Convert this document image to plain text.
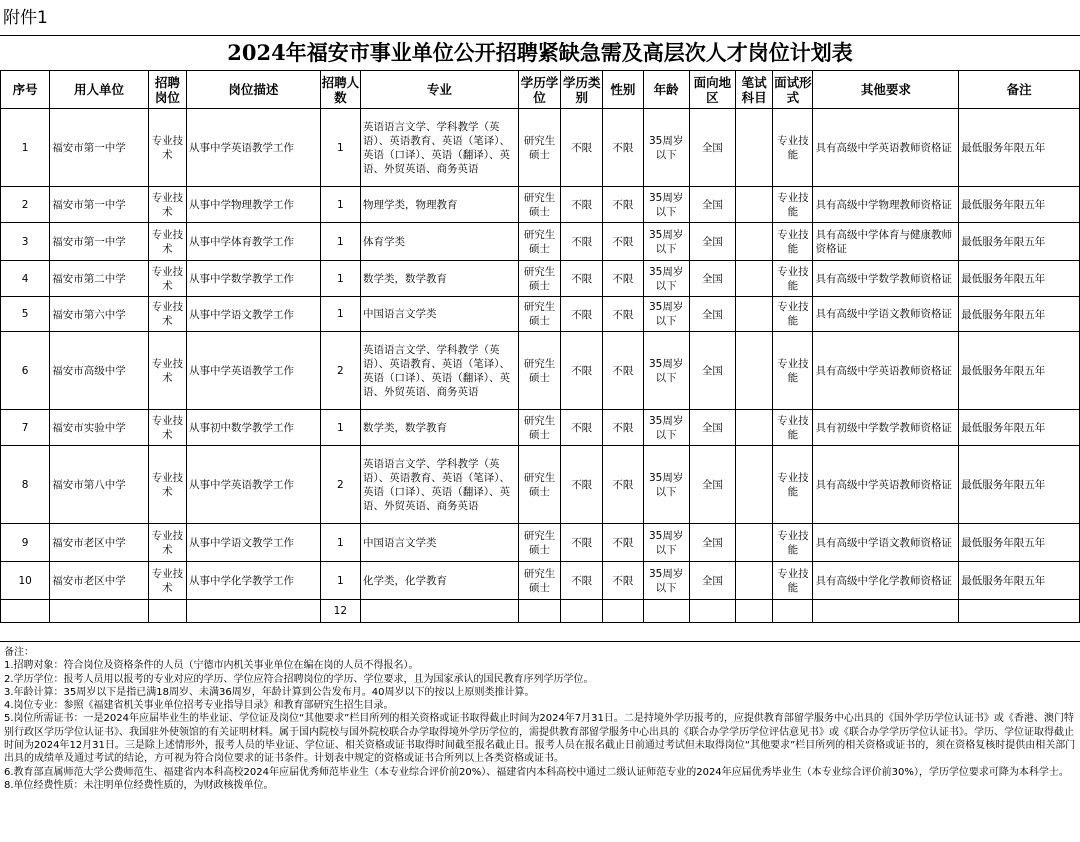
附件1
2024年福安市事业单位公开招聘紧缺急需及高层次人才岗位计划表
序号	用人单位	招聘岗位	岗位描述	招聘人数	专业	学历学位	学历类别	性别	年龄	面向地区	笔试科目	面试形式	其他要求	备注
1	福安市第一中学	专业技术	从事中学英语教学工作	1	英语语言文学、学科教学（英语）、英语教育、英语（笔译）、英语（口译）、英语（翻译）、英语、外贸英语、商务英语	研究生硕士	不限	不限	35周岁以下	全国		专业技能	具有高级中学英语教师资格证	最低服务年限五年
2	福安市第一中学	专业技术	从事中学物理教学工作	1	物理学类，物理教育	研究生硕士	不限	不限	35周岁以下	全国		专业技能	具有高级中学物理教师资格证	最低服务年限五年
3	福安市第一中学	专业技术	从事中学体育教学工作	1	体育学类	研究生硕士	不限	不限	35周岁以下	全国		专业技能	具有高级中学体育与健康教师资格证	最低服务年限五年
4	福安市第二中学	专业技术	从事中学数学教学工作	1	数学类，数学教育	研究生硕士	不限	不限	35周岁以下	全国		专业技能	具有高级中学数学教师资格证	最低服务年限五年
5	福安市第六中学	专业技术	从事中学语文教学工作	1	中国语言文学类	研究生硕士	不限	不限	35周岁以下	全国		专业技能	具有高级中学语文教师资格证	最低服务年限五年
6	福安市高级中学	专业技术	从事中学英语教学工作	2	英语语言文学、学科教学（英语）、英语教育、英语（笔译）、英语（口译）、英语（翻译）、英语、外贸英语、商务英语	研究生硕士	不限	不限	35周岁以下	全国		专业技能	具有高级中学英语教师资格证	最低服务年限五年
7	福安市实验中学	专业技术	从事初中数学教学工作	1	数学类，数学教育	研究生硕士	不限	不限	35周岁以下	全国		专业技能	具有初级中学数学教师资格证	最低服务年限五年
8	福安市第八中学	专业技术	从事中学英语教学工作	2	英语语言文学、学科教学（英语）、英语教育、英语（笔译）、英语（口译）、英语（翻译）、英语、外贸英语、商务英语	研究生硕士	不限	不限	35周岁以下	全国		专业技能	具有高级中学英语教师资格证	最低服务年限五年
9	福安市老区中学	专业技术	从事中学语文教学工作	1	中国语言文学类	研究生硕士	不限	不限	35周岁以下	全国		专业技能	具有高级中学语文教师资格证	最低服务年限五年
10	福安市老区中学	专业技术	从事中学化学教学工作	1	化学类，化学教育	研究生硕士	不限	不限	35周岁以下	全国		专业技能	具有高级中学化学教师资格证	最低服务年限五年
				12										

备注：

1.招聘对象：符合岗位及资格条件的人员（宁德市内机关事业单位在编在岗的人员不得报名）。

2.学历学位：报考人员用以报考的专业对应的学历、学位应符合招聘岗位的学历、学位要求，且为国家承认的国民教育序列学历学位。

3.年龄计算：35周岁以下是指已满18周岁、未满36周岁，年龄计算到公告发布月。40周岁以下的按以上原则类推计算。

4.岗位专业：参照《福建省机关事业单位招考专业指导目录》和教育部研究生招生目录。

5.岗位所需证书：一是2024年应届毕业生的毕业证、学位证及岗位“其他要求”栏目所列的相关资格或证书取得截止时间为2024年7月31日。二是持境外学历报考的，应提供教育部留学服务中心出具的《国外学历学位认证书》或《香港、澳门特别行政区学历学位认证书》、我国驻外使领馆的有关证明材料。属于国内院校与国外院校联合办学取得境外学历学位的，需提供教育部留学服务中心出具的《联合办学学历学位评估意见书》或《联合办学学历学位认证书》。学历、学位证取得截止时间为2024年12月31日。三是除上述情形外，报考人员的毕业证、学位证、相关资格或证书取得时间截至报名截止日。报考人员在报名截止日前通过考试但未取得岗位“其他要求”栏目所列的相关资格或证书的，须在资格复核时提供由相关部门出具的成绩单及通过考试的结论，方可视为符合岗位要求的证书条件。计划表中规定的资格或证书合所列以上各类资格或证书。

6.教育部直属师范大学公费师范生、福建省内本科高校2024年应届优秀师范毕业生（本专业综合评价前20%）、福建省内本科高校中通过二级认证师范专业的2024年应届优秀毕业生（本专业综合评价前30%），学历学位要求可降为本科学士。

8.单位经费性质：未注明单位经费性质的，为财政核拨单位。
